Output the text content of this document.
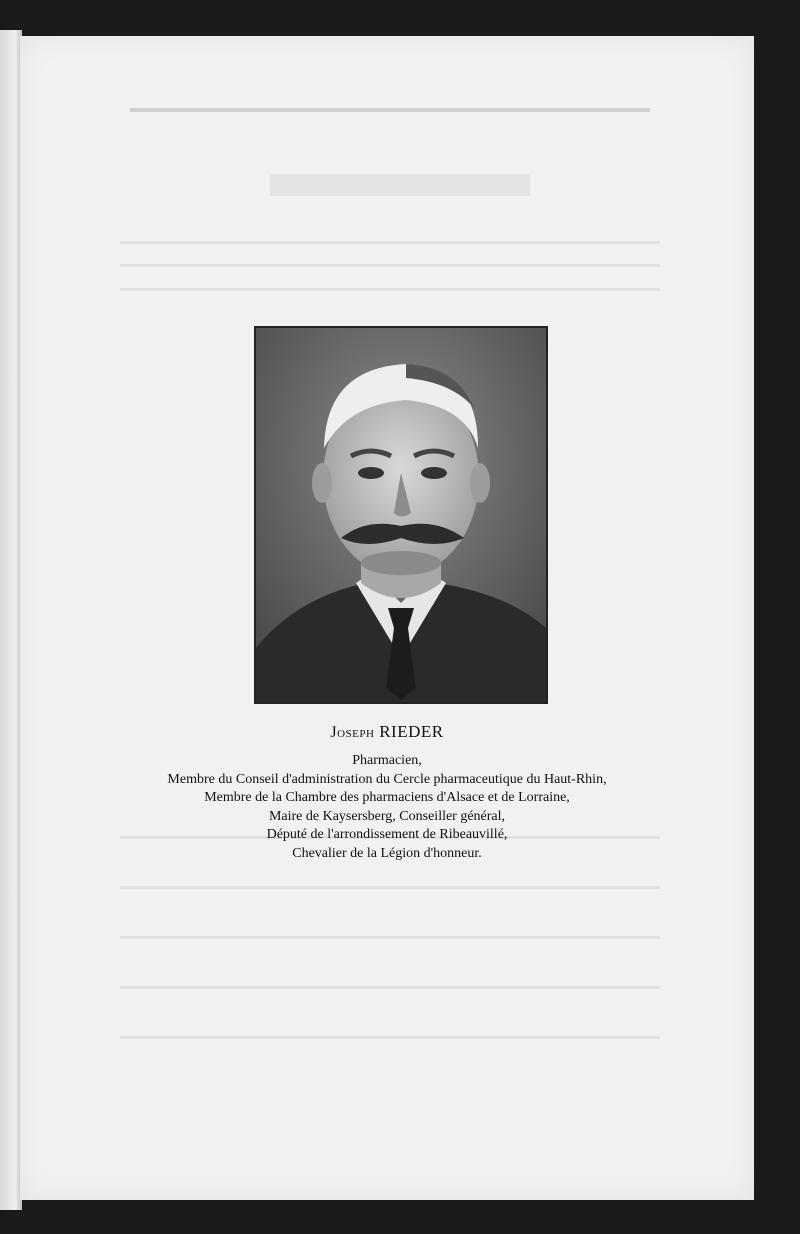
Joseph RIEDER
Pharmacien,
Membre du Conseil d'administration du Cercle pharmaceutique du Haut-Rhin,
Membre de la Chambre des pharmaciens d'Alsace et de Lorraine,
Maire de Kaysersberg, Conseiller général,
Député de l'arrondissement de Ribeauvillé,
Chevalier de la Légion d'honneur.
